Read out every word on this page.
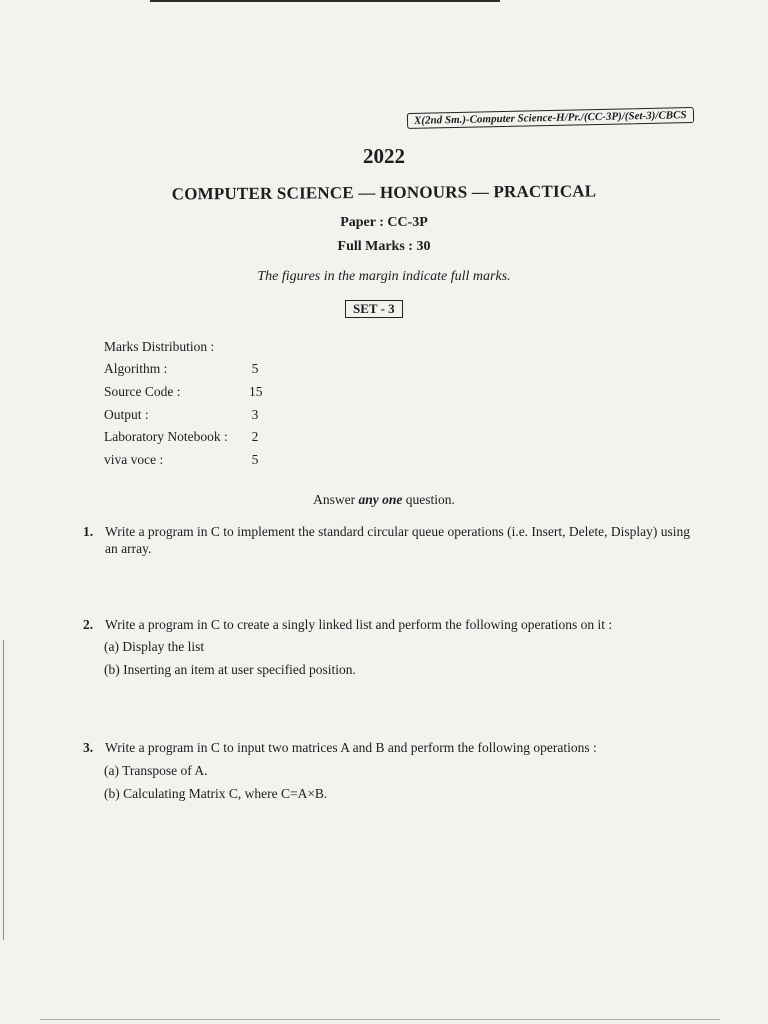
X(2nd Sm.)-Computer Science-H/Pr./(CC-3P)/(Set-3)/CBCS
2022
COMPUTER SCIENCE — HONOURS — PRACTICAL
Paper : CC-3P
Full Marks : 30
The figures in the margin indicate full marks.
SET - 3
Marks Distribution :
Algorithm :	5
Source Code :	15
Output :	3
Laboratory Notebook : 2
viva voce :	5
Answer any one question.
1. Write a program in C to implement the standard circular queue operations (i.e. Insert, Delete, Display) using an array.
2. Write a program in C to create a singly linked list and perform the following operations on it :
(a) Display the list
(b) Inserting an item at user specified position.
3. Write a program in C to input two matrices A and B and perform the following operations :
(a) Transpose of A.
(b) Calculating Matrix C, where C=A×B.
